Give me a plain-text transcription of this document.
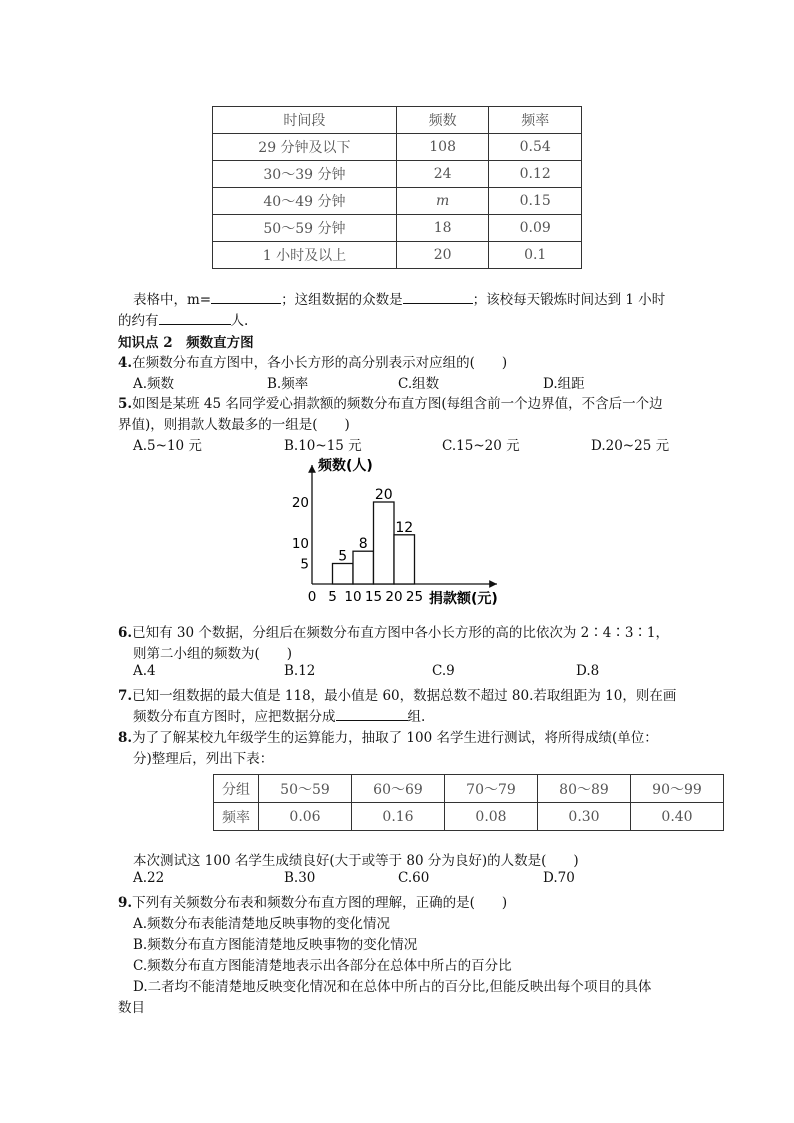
时间段	频数	频率
29 分钟及以下	108	0.54
30～39 分钟	24	0.12
40～49 分钟	m	0.15
50～59 分钟	18	0.09
1 小时及以上	20	0.1
表格中，m=	；这组数据的众数是	；该校每天锻炼时间达到 1 小时
的约有	人.
知识点 2　 频数直方图
4.在频数分布直方图中，各小长方形的高分别表示对应组的(　　)
A.频数	B.频率	C.组数	D.组距
5.如图是某班 45 名同学爱心捐款额的频数分布直方图(每组含前一个边界值，不含后一个边
界值)，则捐款人数最多的一组是(　　)
A.5~10 元	B.10~15 元	C.15~20 元	D.20~25 元
频数(人)
捐款额(元)
5
8
20
12
0 5 10 15 20 25
5
10
20
6.已知有 30 个数据，分组后在频数分布直方图中各小长方形的高的比依次为 2∶4∶3∶1，
则第二小组的频数为(　　)
A.4	B.12	C.9	D.8
7.已知一组数据的最大值是 118，最小值是 60，数据总数不超过 80.若取组距为 10，则在画
频数分布直方图时，应把数据分成	组.
8.为了了解某校九年级学生的运算能力，抽取了 100 名学生进行测试，将所得成绩(单位：
分)整理后，列出下表：
分组	50～59	60～69	70～79	80～89	90～99
频率	0.06	0.16	0.08	0.30	0.40
本次测试这 100 名学生成绩良好(大于或等于 80 分为良好)的人数是(　　)
A.22	B.30	C.60	D.70
9.下列有关频数分布表和频数分布直方图的理解，正确的是(　　)
A.频数分布表能清楚地反映事物的变化情况
B.频数分布直方图能清楚地反映事物的变化情况
C.频数分布直方图能清楚地表示出各部分在总体中所占的百分比
D.二者均不能清楚地反映变化情况和在总体中所占的百分比,但能反映出每个项目的具体
数目
